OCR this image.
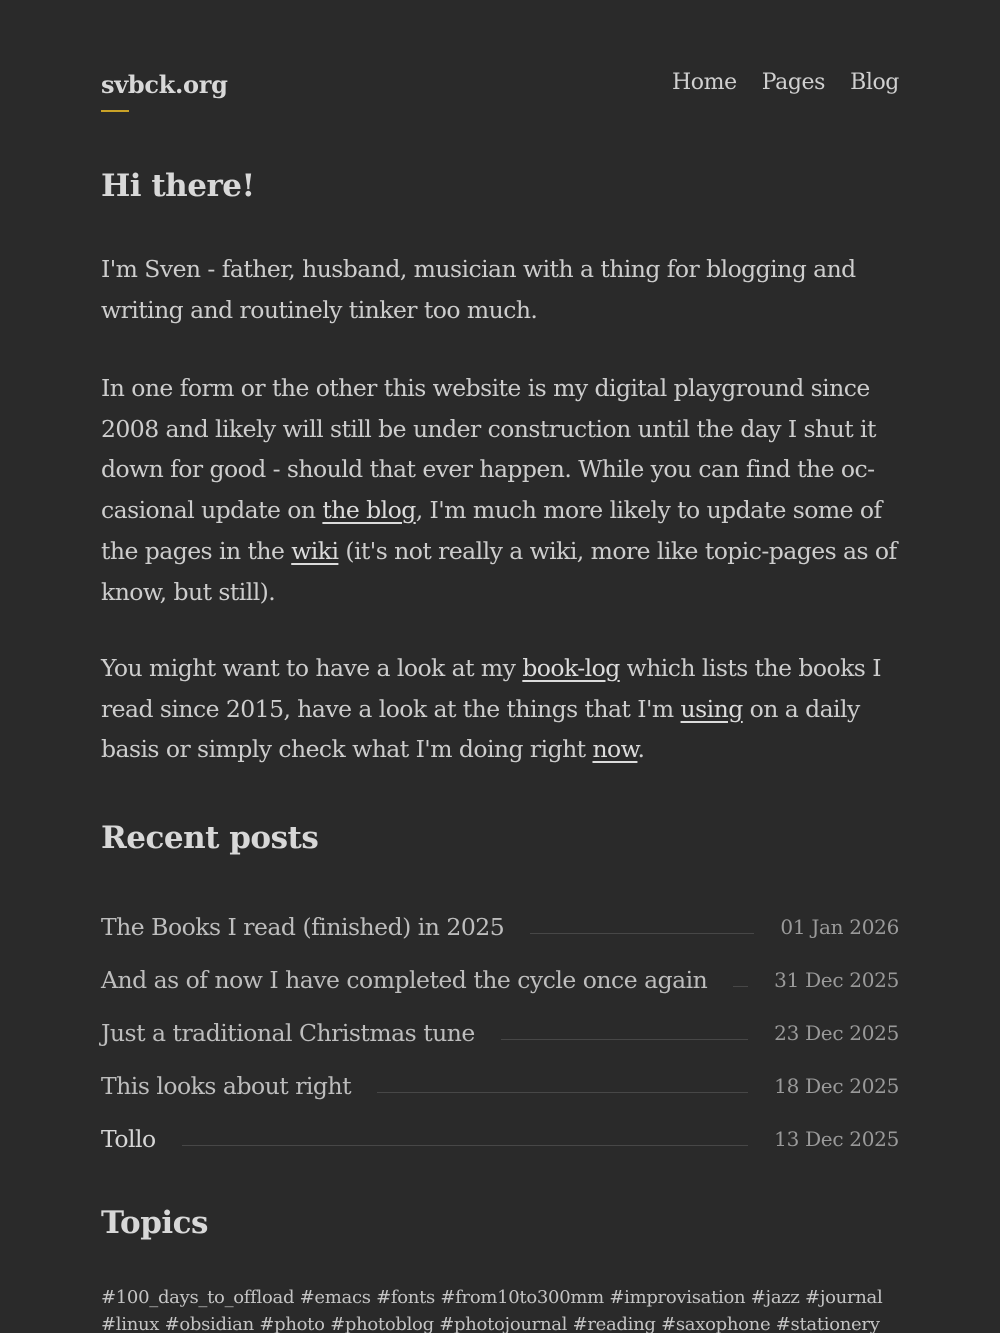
svbck.org	Home Pages Blog
Hi there!

I'm Sven - father, husband, musician with a thing for blogging and writing and routinely tinker too much.

In one form or the other this website is my digital playground since 2008 and likely will still be under construction until the day I shut it down for good - should that ever happen. While you can find the occasional update on the blog, I'm much more likely to update some of the pages in the wiki (it's not really a wiki, more like topic-pages as of know, but still).

You might want to have a look at my book-log which lists the books I read since 2015, have a look at the things that I'm using on a daily basis or simply check what I'm doing right now.

Recent posts
The Books I read (finished) in 2025	01 Jan 2026
And as of now I have completed the cycle once again	31 Dec 2025
Just a traditional Christmas tune	23 Dec 2025
This looks about right	18 Dec 2025
Tollo	13 Dec 2025
Topics
#100_days_to_offload #emacs #fonts #from10to300mm #improvisation #jazz #journal #linux #obsidian #photo #photoblog #photojournal #reading #saxophone #stationery
